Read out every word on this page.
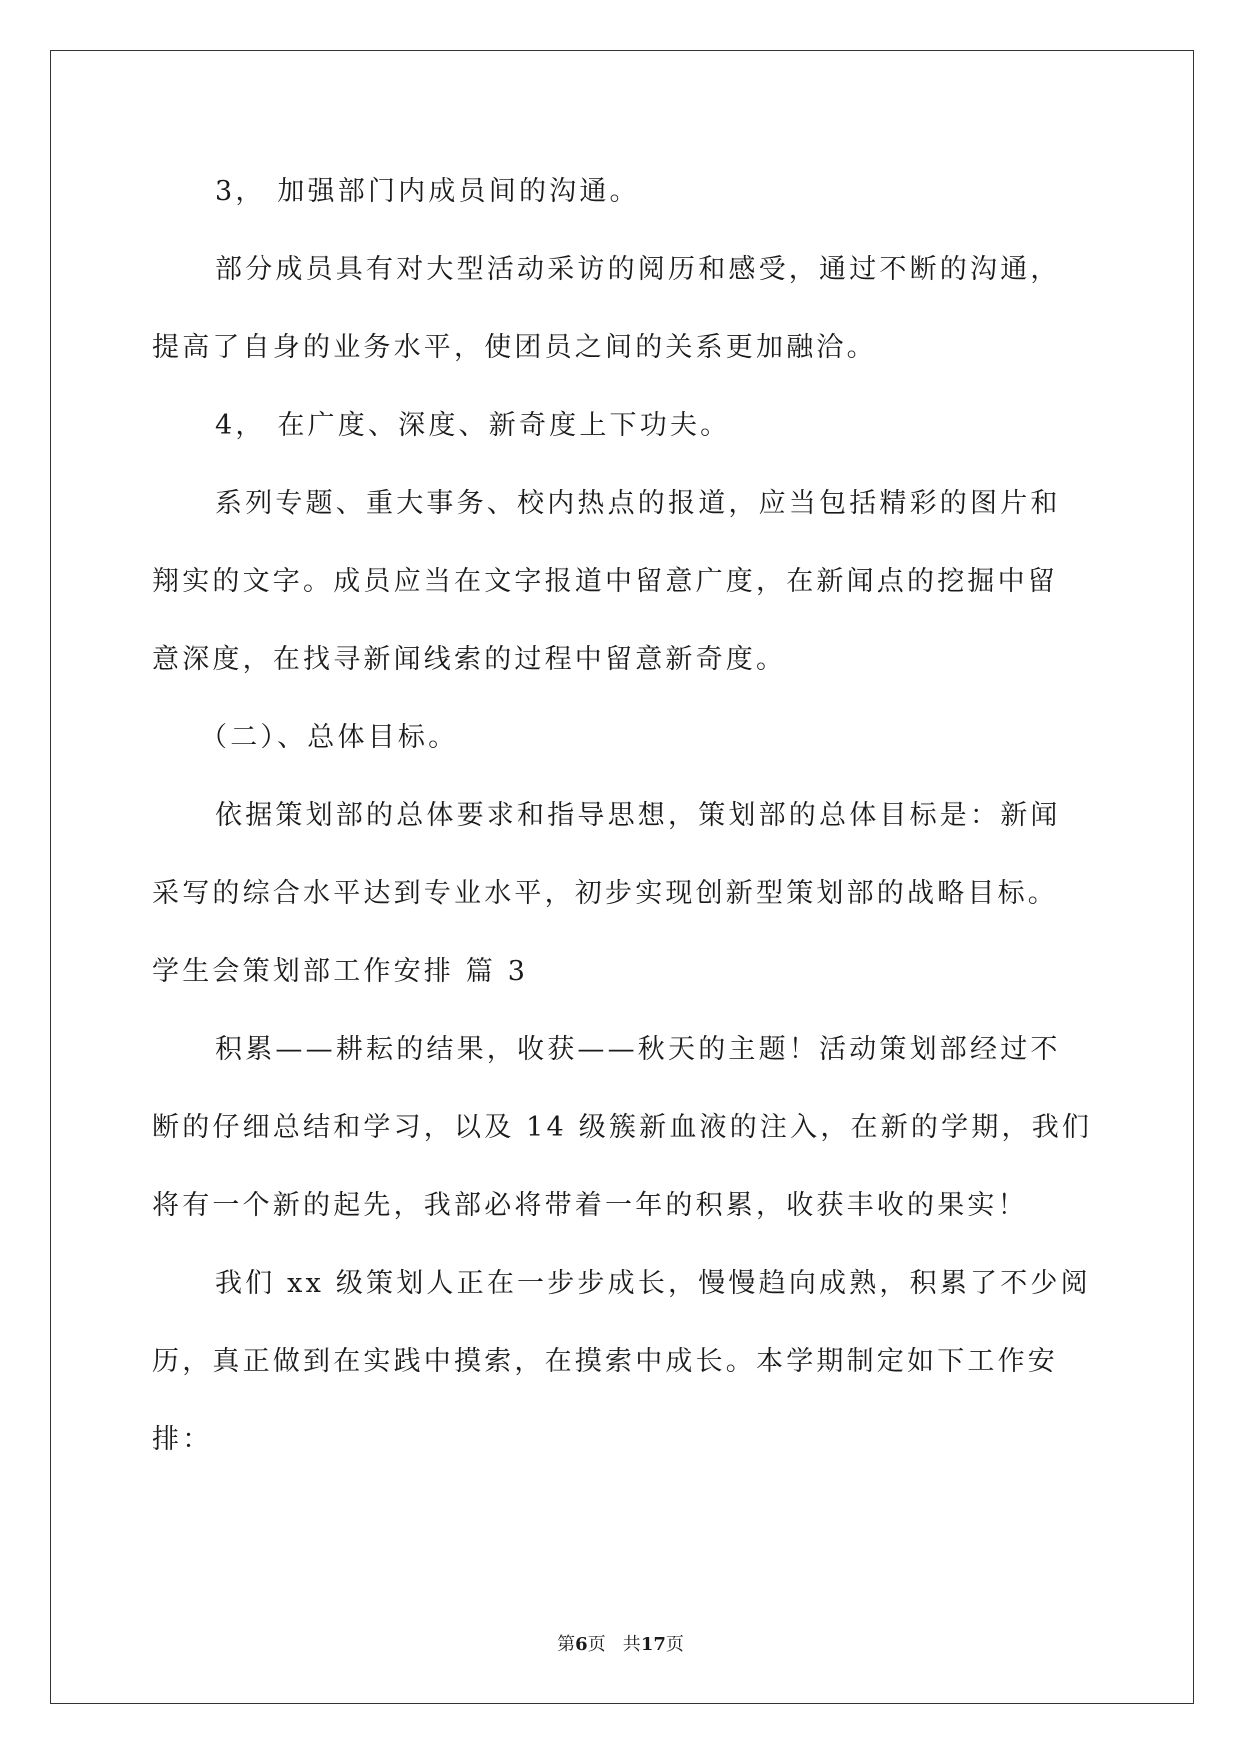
3， 加强部门内成员间的沟通。
部分成员具有对大型活动采访的阅历和感受，通过不断的沟通，
提高了自身的业务水平，使团员之间的关系更加融洽。
4， 在广度、深度、新奇度上下功夫。
系列专题、重大事务、校内热点的报道，应当包括精彩的图片和
翔实的文字。成员应当在文字报道中留意广度，在新闻点的挖掘中留
意深度，在找寻新闻线索的过程中留意新奇度。
（二）、总体目标。
依据策划部的总体要求和指导思想，策划部的总体目标是：新闻
采写的综合水平达到专业水平，初步实现创新型策划部的战略目标。
学生会策划部工作安排 篇 3
积累——耕耘的结果，收获——秋天的主题！活动策划部经过不
断的仔细总结和学习，以及 14 级簇新血液的注入，在新的学期，我们
将有一个新的起先，我部必将带着一年的积累，收获丰收的果实！
我们 xx 级策划人正在一步步成长，慢慢趋向成熟，积累了不少阅
历，真正做到在实践中摸索，在摸索中成长。本学期制定如下工作安
排：
第6页   共17页
